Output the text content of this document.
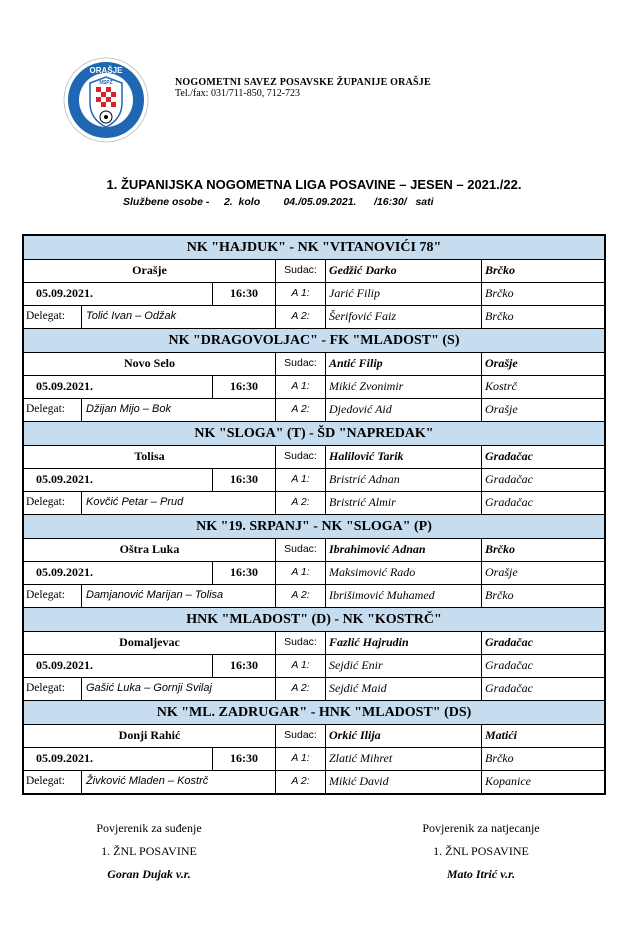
ORAŠJE
NSPŽ	NOGOMETNI SAVEZ POSAVSKE ŽUPANIJE ORAŠJE
Tel./fax: 031/711-850, 712-723
1. ŽUPANIJSKA NOGOMETNA LIGA POSAVINE – JESEN – 2021./22.
Službene osobe - 2.  kolo 04./05.09.2021. /16:30/ sati
NK "HAJDUK" - NK "VITANOVIĆI 78"
Orašje	Sudac:	Gedžić Darko	Brčko
05.09.2021.	16:30	A 1:	Jarić Filip	Brčko
Delegat:	Tolić Ivan – Odžak	A 2:	Šerifović Faiz	Brčko
NK "DRAGOVOLJAC" - FK "MLADOST" (S)
Novo Selo	Sudac:	Antić Filip	Orašje
05.09.2021.	16:30	A 1:	Mikić Zvonimir	Kostrč
Delegat:	Džijan Mijo – Bok	A 2:	Djedović Aid	Orašje
NK "SLOGA" (T) - ŠD "NAPREDAK"
Tolisa	Sudac:	Halilović Tarik	Gradačac
05.09.2021.	16:30	A 1:	Bristrić Adnan	Gradačac
Delegat:	Kovčić Petar – Prud	A 2:	Bristrić Almir	Gradačac
NK "19. SRPANJ" - NK "SLOGA" (P)
Oštra Luka	Sudac:	Ibrahimović Adnan	Brčko
05.09.2021.	16:30	A 1:	Maksimović Rado	Orašje
Delegat:	Damjanović Marijan – Tolisa	A 2:	Ibrišimović Muhamed	Brčko
HNK "MLADOST" (D) - NK "KOSTRČ"
Domaljevac	Sudac:	Fazlić Hajrudin	Gradačac
05.09.2021.	16:30	A 1:	Sejdić Enir	Gradačac
Delegat:	Gašić Luka – Gornji Svilaj	A 2:	Sejdić Maid	Gradačac
NK "ML. ZADRUGAR" - HNK "MLADOST" (DS)
Donji Rahić	Sudac:	Orkić Ilija	Matići
05.09.2021.	16:30	A 1:	Zlatić Mihret	Brčko
Delegat:	Živković Mladen – Kostrč	A 2:	Mikić David	Kopanice
Povjerenik za suđenje
1. ŽNL POSAVINE
Goran Dujak v.r.
Povjerenik za natjecanje
1. ŽNL POSAVINE
Mato Itrić v.r.
